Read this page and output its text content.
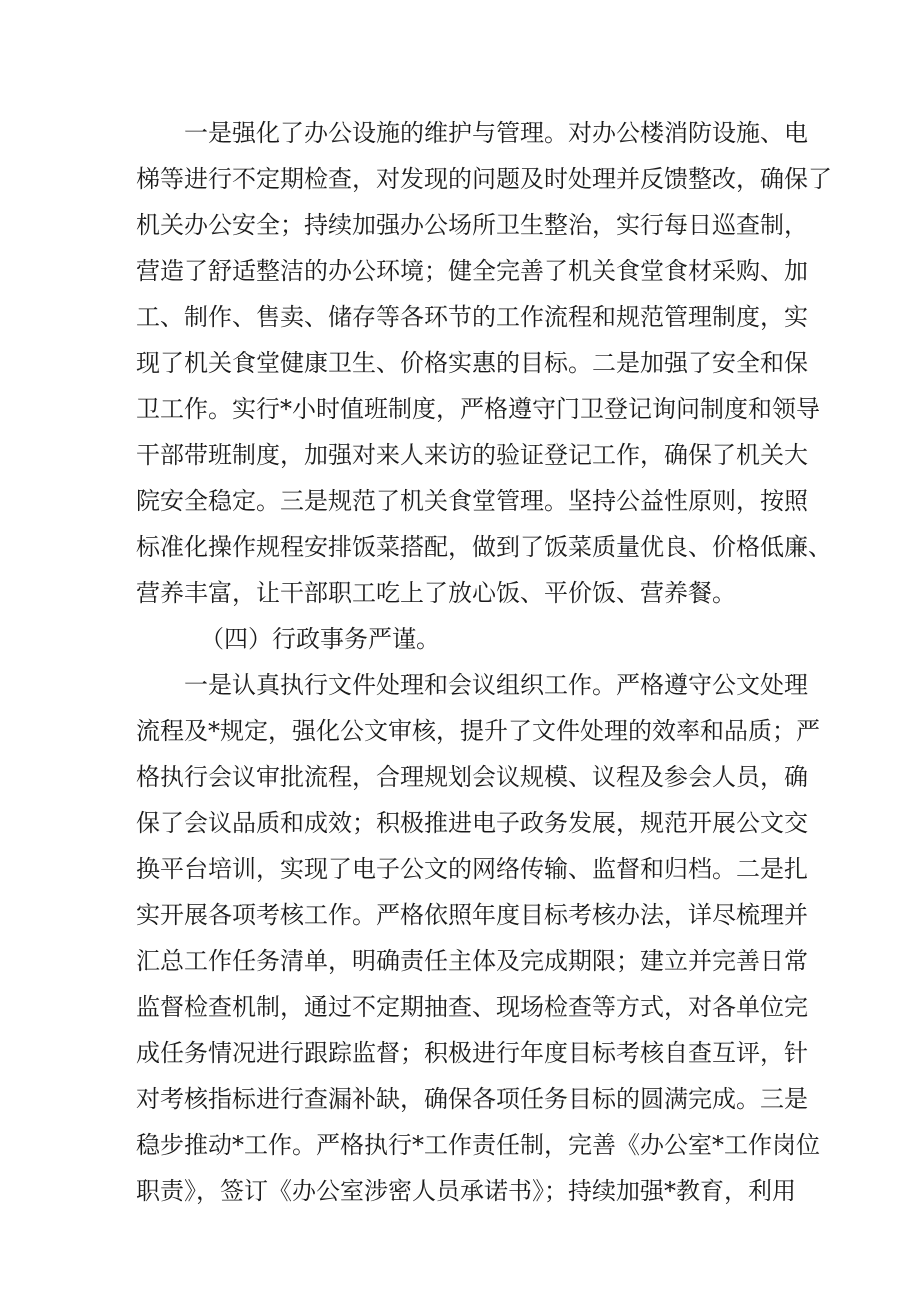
一是强化了办公设施的维护与管理。对办公楼消防设施、电
梯等进行不定期检查，对发现的问题及时处理并反馈整改，确保了
机关办公安全；持续加强办公场所卫生整治，实行每日巡查制，
营造了舒适整洁的办公环境；健全完善了机关食堂食材采购、加
工、制作、售卖、储存等各环节的工作流程和规范管理制度，实
现了机关食堂健康卫生、价格实惠的目标。二是加强了安全和保
卫工作。实行*小时值班制度，严格遵守门卫登记询问制度和领导
干部带班制度，加强对来人来访的验证登记工作，确保了机关大
院安全稳定。三是规范了机关食堂管理。坚持公益性原则，按照
标准化操作规程安排饭菜搭配，做到了饭菜质量优良、价格低廉、
营养丰富，让干部职工吃上了放心饭、平价饭、营养餐。
（四）行政事务严谨。
一是认真执行文件处理和会议组织工作。严格遵守公文处理
流程及*规定，强化公文审核，提升了文件处理的效率和品质；严
格执行会议审批流程，合理规划会议规模、议程及参会人员，确
保了会议品质和成效；积极推进电子政务发展，规范开展公文交
换平台培训，实现了电子公文的网络传输、监督和归档。二是扎
实开展各项考核工作。严格依照年度目标考核办法，详尽梳理并
汇总工作任务清单，明确责任主体及完成期限；建立并完善日常
监督检查机制，通过不定期抽查、现场检查等方式，对各单位完
成任务情况进行跟踪监督；积极进行年度目标考核自查互评，针
对考核指标进行查漏补缺，确保各项任务目标的圆满完成。三是
稳步推动*工作。严格执行*工作责任制，完善《办公室*工作岗位
职责》，签订《办公室涉密人员承诺书》；持续加强*教育，利用
